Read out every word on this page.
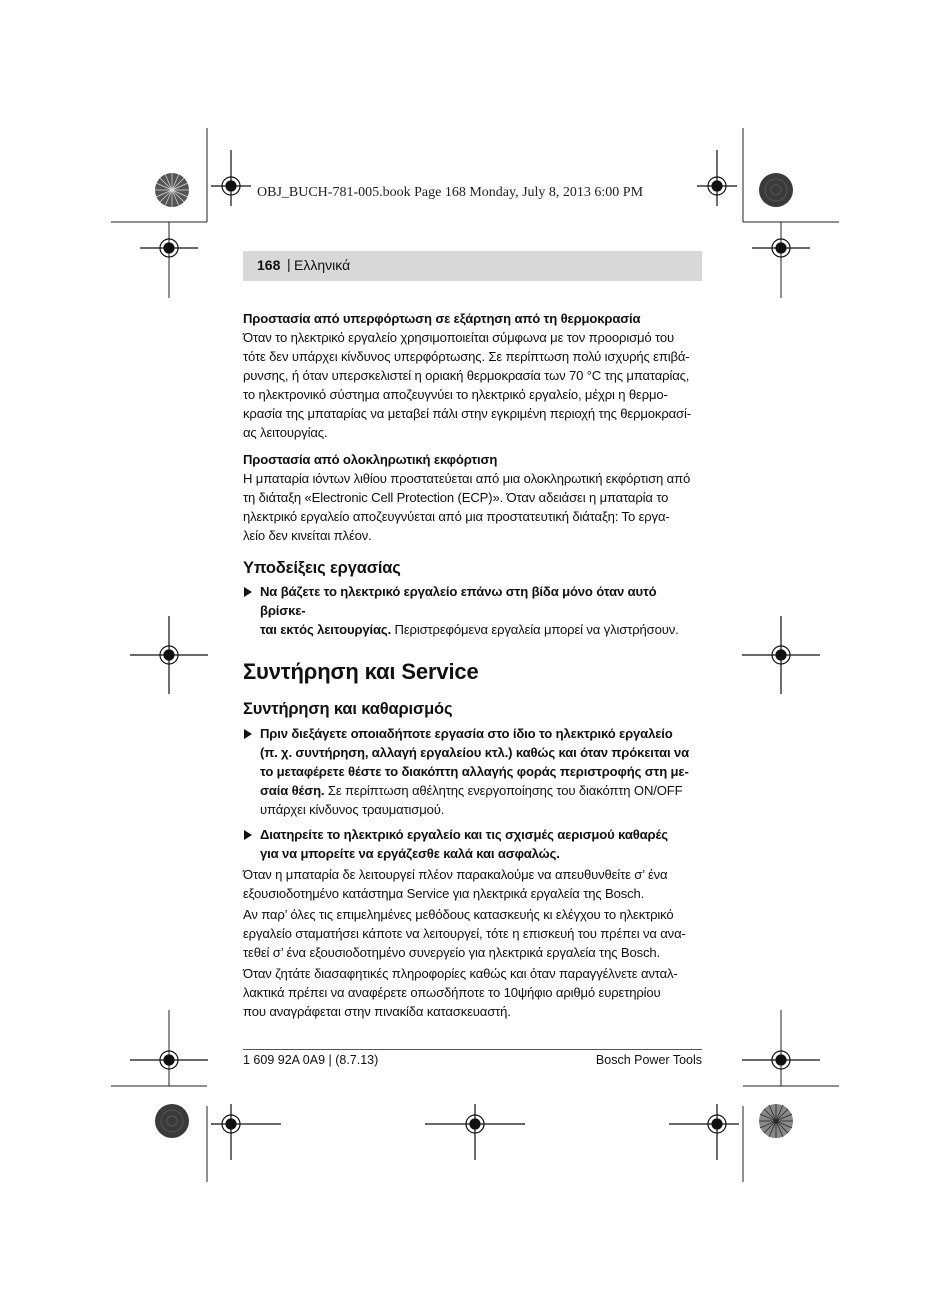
OBJ_BUCH-781-005.book Page 168 Monday, July 8, 2013 6:00 PM
168 | Ελληνικά

Προστασία από υπερφόρτωση σε εξάρτηση από τη θερμοκρασία

Όταν το ηλεκτρικό εργαλείο χρησιμοποιείται σύμφωνα με τον προορισμό του

τότε δεν υπάρχει κίνδυνος υπερφόρτωσης. Σε περίπτωση πολύ ισχυρής επιβά-

ρυνσης, ή όταν υπερσκελιστεί η οριακή θερμοκρασία των 70 °C της μπαταρίας,

το ηλεκτρονικό σύστημα αποζευγνύει το ηλεκτρικό εργαλείο, μέχρι η θερμο-

κρασία της μπαταρίας να μεταβεί πάλι στην εγκριμένη περιοχή της θερμοκρασί-

ας λειτουργίας.

Προστασία από ολοκληρωτική εκφόρτιση

Η μπαταρία ιόντων λιθίου προστατεύεται από μια ολοκληρωτική εκφόρτιση από

τη διάταξη «Electronic Cell Protection (ECP)». Όταν αδειάσει η μπαταρία το

ηλεκτρικό εργαλείο αποζευγνύεται από μια προστατευτική διάταξη: Το εργα-

λείο δεν κινείται πλέον.

Υποδείξεις εργασίας

Να βάζετε το ηλεκτρικό εργαλείο επάνω στη βίδα μόνο όταν αυτό βρίσκε-

ται εκτός λειτουργίας. Περιστρεφόμενα εργαλεία μπορεί να γλιστρήσουν.

Συντήρηση και Service

Συντήρηση και καθαρισμός

Πριν διεξάγετε οποιαδήποτε εργασία στο ίδιο το ηλεκτρικό εργαλείο

(π. χ. συντήρηση, αλλαγή εργαλείου κτλ.) καθώς και όταν πρόκειται να

το μεταφέρετε θέστε το διακόπτη αλλαγής φοράς περιστροφής στη με-

σαία θέση. Σε περίπτωση αθέλητης ενεργοποίησης του διακόπτη ON/OFF

υπάρχει κίνδυνος τραυματισμού.

Διατηρείτε το ηλεκτρικό εργαλείο και τις σχισμές αερισμού καθαρές

για να μπορείτε να εργάζεσθε καλά και ασφαλώς.

Όταν η μπαταρία δε λειτουργεί πλέον παρακαλούμε να απευθυνθείτε σ’ ένα

εξουσιοδοτημένο κατάστημα Service για ηλεκτρικά εργαλεία της Bosch.

Αν παρ’ όλες τις επιμελημένες μεθόδους κατασκευής κι ελέγχου το ηλεκτρικό

εργαλείο σταματήσει κάποτε να λειτουργεί, τότε η επισκευή του πρέπει να ανα-

τεθεί σ’ ένα εξουσιοδοτημένο συνεργείο για ηλεκτρικά εργαλεία της Bosch.

Όταν ζητάτε διασαφητικές πληροφορίες καθώς και όταν παραγγέλνετε ανταλ-

λακτικά πρέπει να αναφέρετε οπωσδήποτε το 10ψήφιο αριθμό ευρετηρίου

που αναγράφεται στην πινακίδα κατασκευαστή.

1 609 92A 0A9 | (8.7.13)	Bosch Power Tools
